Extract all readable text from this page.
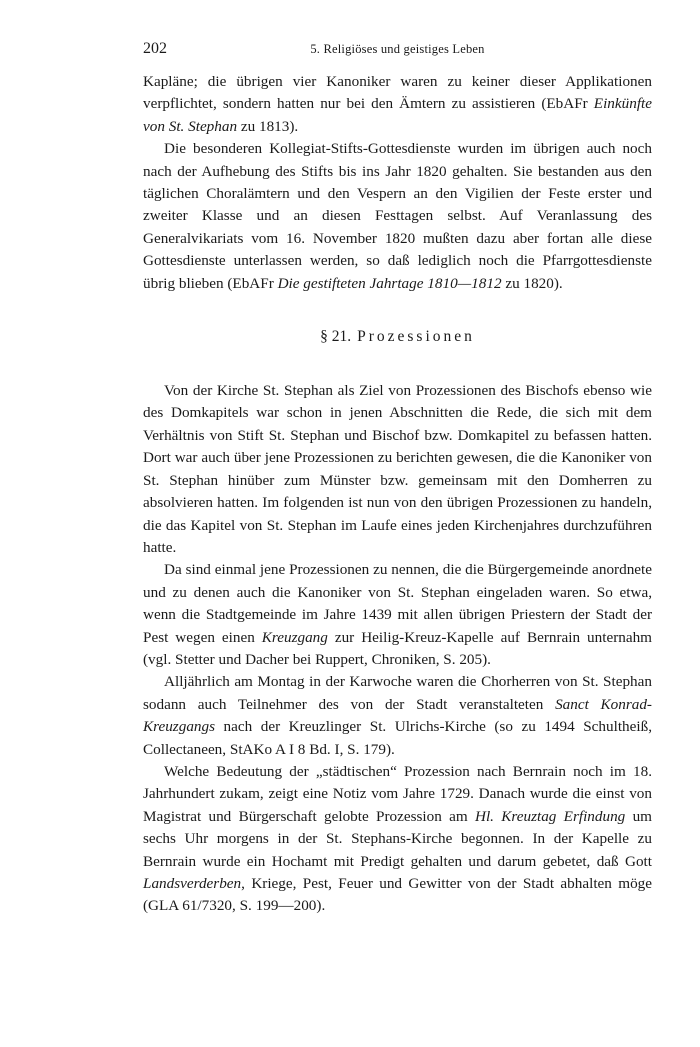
202	5. Religiöses und geistiges Leben

Kapläne; die übrigen vier Kanoniker waren zu keiner dieser Applikationen verpflichtet, sondern hatten nur bei den Ämtern zu assistieren (EbAFr Einkünfte von St. Stephan zu 1813).

Die besonderen Kollegiat-Stifts-Gottesdienste wurden im übrigen auch noch nach der Aufhebung des Stifts bis ins Jahr 1820 gehalten. Sie bestanden aus den täglichen Choralämtern und den Vespern an den Vigilien der Feste erster und zweiter Klasse und an diesen Festtagen selbst. Auf Veranlassung des Generalvikariats vom 16. November 1820 mußten dazu aber fortan alle diese Gottesdienste unterlassen werden, so daß lediglich noch die Pfarrgottesdienste übrig blieben (EbAFr Die gestifteten Jahrtage 1810—1812 zu 1820).

§ 21. Prozessionen

Von der Kirche St. Stephan als Ziel von Prozessionen des Bischofs ebenso wie des Domkapitels war schon in jenen Abschnitten die Rede, die sich mit dem Verhältnis von Stift St. Stephan und Bischof bzw. Domkapitel zu befassen hatten. Dort war auch über jene Prozessionen zu berichten gewesen, die die Kanoniker von St. Stephan hinüber zum Münster bzw. gemeinsam mit den Domherren zu absolvieren hatten. Im folgenden ist nun von den übrigen Prozessionen zu handeln, die das Kapitel von St. Stephan im Laufe eines jeden Kirchenjahres durchzuführen hatte.

Da sind einmal jene Prozessionen zu nennen, die die Bürgergemeinde anordnete und zu denen auch die Kanoniker von St. Stephan eingeladen waren. So etwa, wenn die Stadtgemeinde im Jahre 1439 mit allen übrigen Priestern der Stadt der Pest wegen einen Kreuzgang zur Heilig-Kreuz-Kapelle auf Bernrain unternahm (vgl. Stetter und Dacher bei Ruppert, Chroniken, S. 205).

Alljährlich am Montag in der Karwoche waren die Chorherren von St. Stephan sodann auch Teilnehmer des von der Stadt veranstalteten Sanct Konrad-Kreuzgangs nach der Kreuzlinger St. Ulrichs-Kirche (so zu 1494 Schultheiß, Collectaneen, StAKo A I 8 Bd. I, S. 179).

Welche Bedeutung der „städtischen“ Prozession nach Bernrain noch im 18. Jahrhundert zukam, zeigt eine Notiz vom Jahre 1729. Danach wurde die einst von Magistrat und Bürgerschaft gelobte Prozession am Hl. Kreuztag Erfindung um sechs Uhr morgens in der St. Stephans-Kirche begonnen. In der Kapelle zu Bernrain wurde ein Hochamt mit Predigt gehalten und darum gebetet, daß Gott Landsverderben, Kriege, Pest, Feuer und Gewitter von der Stadt abhalten möge (GLA 61/7320, S. 199—200).
